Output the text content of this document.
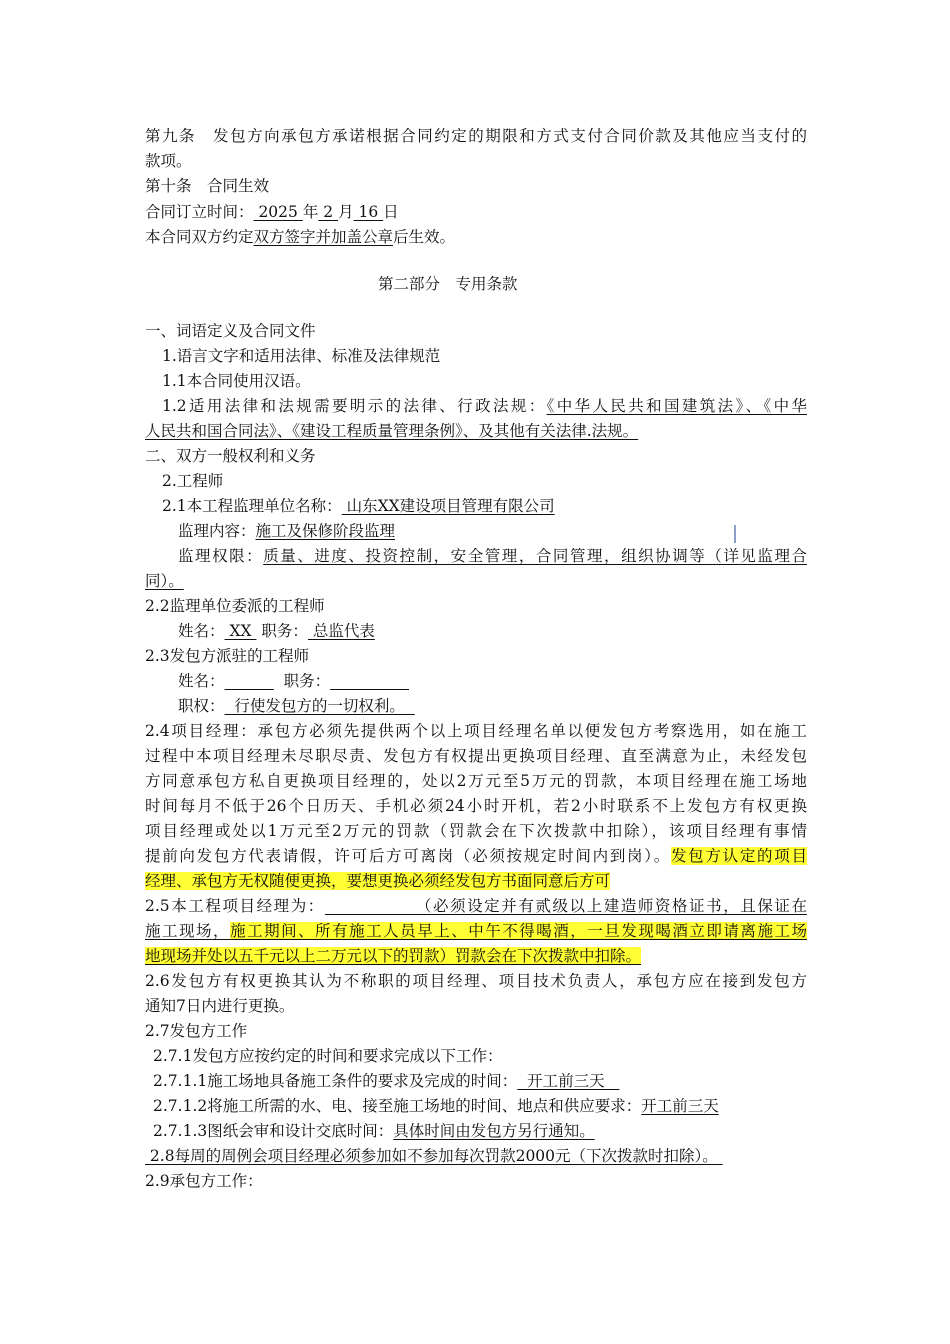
第九条　发包方向承包方承诺根据合同约定的期限和方式支付合同价款及其他应当支付的
款项。
第十条　合同生效
合同订立时间： 2025 年 2 月 16 日
本合同双方约定双方签字并加盖公章后生效。
第二部分　专用条款
一、词语定义及合同文件
1.语言文字和适用法律、标准及法律规范
1.1本合同使用汉语。
1.2适用法律和法规需要明示的法律、行政法规：《中华人民共和国建筑法》、《中华
人民共和国合同法》、《建设工程质量管理条例》、及其他有关法律.法规。
二、双方一般权利和义务
2.工程师
2.1本工程监理单位名称： 山东XX建设项目管理有限公司
监理内容：施工及保修阶段监理
监理权限：质量、进度、投资控制，安全管理，合同管理，组织协调等（详见监理合
同）。
2.2监理单位委派的工程师
姓名： XX  职务： 总监代表
2.3发包方派驻的工程师
姓名：	职务：
职权：  行使发包方的一切权利。
2.4项目经理：承包方必须先提供两个以上项目经理名单以便发包方考察选用，如在施工
过程中本项目经理未尽职尽责、发包方有权提出更换项目经理、直至满意为止，未经发包
方同意承包方私自更换项目经理的，处以2万元至5万元的罚款，本项目经理在施工场地
时间每月不低于26个日历天、手机必须24小时开机，若2小时联系不上发包方有权更换
项目经理或处以1万元至2万元的罚款（罚款会在下次拨款中扣除），该项目经理有事情
提前向发包方代表请假，许可后方可离岗（必须按规定时间内到岗）。发包方认定的项目
经理、承包方无权随便更换，要想更换必须经发包方书面同意后方可
2.5本工程项目经理为：	（必须设定并有贰级以上建造师资格证书，且保证在
施工现场，施工期间、所有施工人员早上、中午不得喝酒，一旦发现喝酒立即请离施工场
地现场并处以五千元以上二万元以下的罚款）罚款会在下次拨款中扣除。
2.6发包方有权更换其认为不称职的项目经理、项目技术负责人，承包方应在接到发包方
通知7日内进行更换。
2.7发包方工作
2.7.1发包方应按约定的时间和要求完成以下工作：
2.7.1.1施工场地具备施工条件的要求及完成的时间：  开工前三天
2.7.1.2将施工所需的水、电、接至施工场地的时间、地点和供应要求：开工前三天
2.7.1.3图纸会审和设计交底时间：具体时间由发包方另行通知。
2.8每周的周例会项目经理必须参加如不参加每次罚款2000元（下次拨款时扣除）。
2.9承包方工作：
